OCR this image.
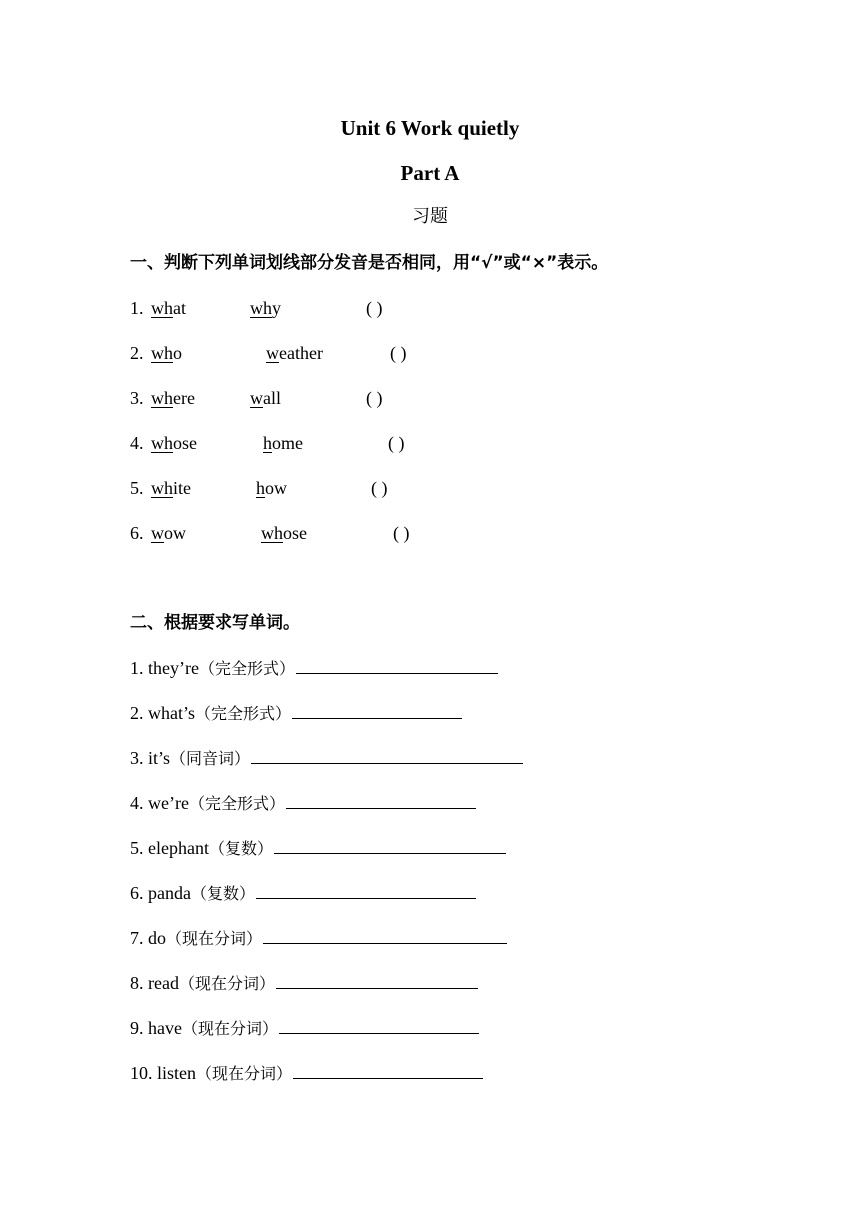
Unit 6 Work quietly
Part A
习题
一、判断下列单词划线部分发音是否相同，用“√”或“×”表示。
1. what	why	( )
2. who	weather	( )
3. where	wall	( )
4. whose	home	( )
5. white	how	( )
6. wow	whose	( )
二、根据要求写单词。
1. they’re（完全形式）
2. what’s（完全形式）
3. it’s（同音词）
4. we’re（完全形式）
5. elephant（复数）
6. panda（复数）
7. do（现在分词）
8. read（现在分词）
9. have（现在分词）
10. listen（现在分词）
